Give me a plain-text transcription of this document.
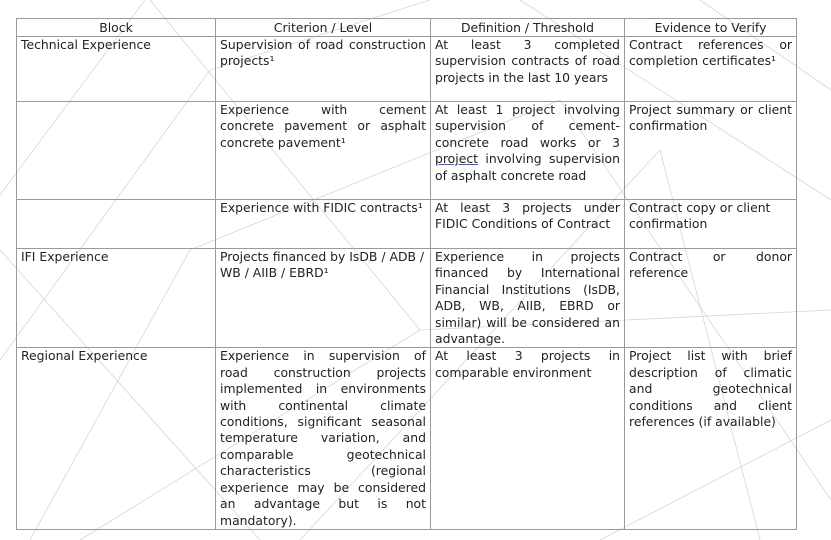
Block	Criterion / Level	Definition / Threshold	Evidence to Verify
Technical Experience	Supervision of road construction projects¹	At least 3 completed supervision contracts of road projects in the last 10 years	Contract references or completion certificates¹
	Experience with cement concrete pavement or asphalt concrete pavement¹	At least 1 project involving supervision of cement-concrete road works or 3 project involving supervision of asphalt concrete road	Project summary or client confirmation
	Experience with FIDIC contracts¹	At least 3 projects under FIDIC Conditions of Contract	Contract copy or client confirmation
IFI Experience	Projects financed by IsDB / ADB / WB / AIIB / EBRD¹	Experience in projects financed by International Financial Institutions (IsDB, ADB, WB, AIIB, EBRD or similar) will be considered an advantage.	Contract or donor reference
Regional Experience	Experience in supervision of road construction projects implemented in environments with continental climate conditions, significant seasonal temperature variation, and comparable geotechnical characteristics (regional experience may be considered an advantage but is not mandatory).	At least 3 projects in comparable environment	Project list with brief description of climatic and geotechnical conditions and client references (if available)
